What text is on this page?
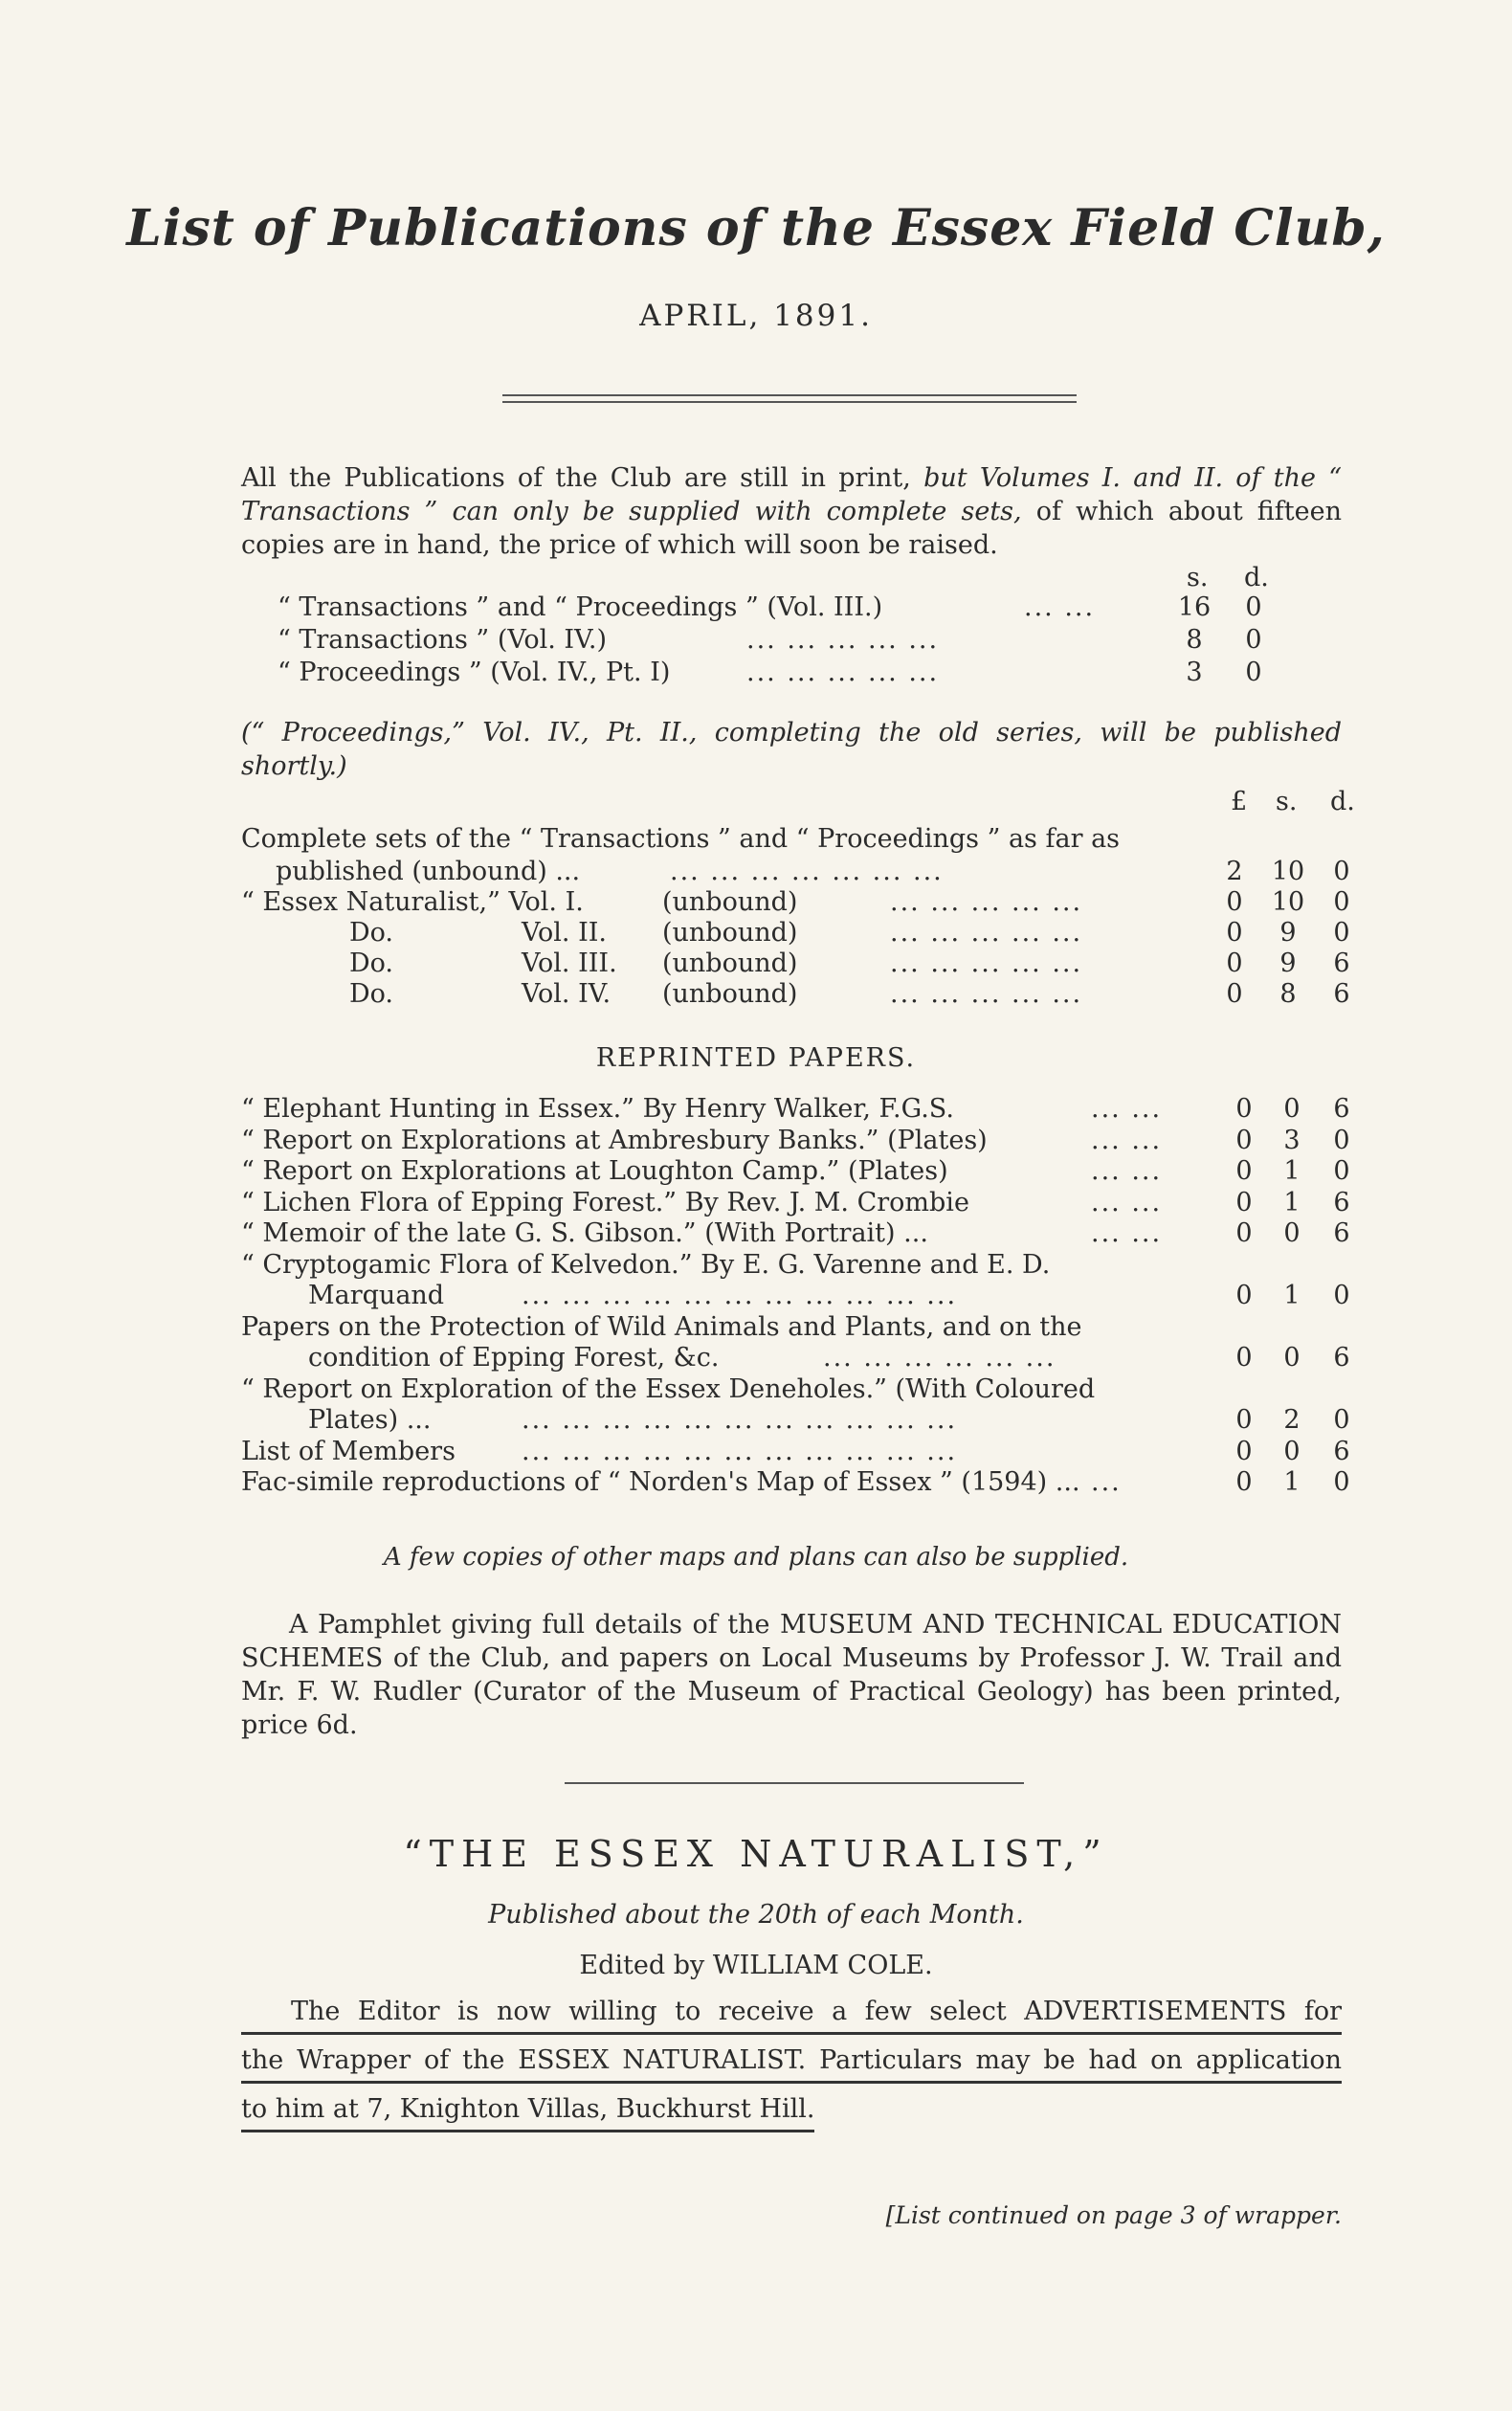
List of Publications of the Essex Field Club,
APRIL, 1891.
All the Publications of the Club are still in print, but Volumes I. and II. of the “ Transactions ” can only be supplied with complete sets, of which about fifteen copies are in hand, the price of which will soon be raised.
s. d.
“ Transactions ” and “ Proceedings ” (Vol. III.)	... ...	16	0
“ Transactions ” (Vol. IV.)	... ... ... ... ...	8	0
“ Proceedings ” (Vol. IV., Pt. I)	... ... ... ... ...	3	0
(“ Proceedings,” Vol. IV., Pt. II., completing the old series, will be published shortly.)
£ s. d.
Complete sets of the “ Transactions ” and “ Proceedings ” as far as
published (unbound) ...	... ... ... ... ... ... ...	2	10	0
“ Essex Naturalist,” Vol. I.	(unbound)	... ... ... ... ...	0	10	0
Do.	Vol. II. (unbound)	... ... ... ... ...	0	9	0
Do.	Vol. III. (unbound)	... ... ... ... ...	0	9	6
Do.	Vol. IV. (unbound)	... ... ... ... ...	0	8	6
REPRINTED PAPERS.
“ Elephant Hunting in Essex.” By Henry Walker, F.G.S.	... ...	0	0	6
“ Report on Explorations at Ambresbury Banks.” (Plates)	... ...	0	3	0
“ Report on Explorations at Loughton Camp.” (Plates)	... ...	0	1	0
“ Lichen Flora of Epping Forest.” By Rev. J. M. Crombie	... ...	0	1	6
“ Memoir of the late G. S. Gibson.” (With Portrait) ...	... ...	0	0	6
“ Cryptogamic Flora of Kelvedon.” By E. G. Varenne and E. D.
Marquand	... ... ... ... ... ... ... ... ... ... ...	0	1	0
Papers on the Protection of Wild Animals and Plants, and on the
condition of Epping Forest, &c.	... ... ... ... ... ...	0	0	6
“ Report on Exploration of the Essex Deneholes.” (With Coloured
Plates) ...	... ... ... ... ... ... ... ... ... ... ...	0	2	0
List of Members	... ... ... ... ... ... ... ... ... ... ...	0	0	6
Fac-simile reproductions of “ Norden's Map of Essex ” (1594) ... ...	0	1	0
A few copies of other maps and plans can also be supplied.
A Pamphlet giving full details of the MUSEUM AND TECHNICAL EDUCATION SCHEMES of the Club, and papers on Local Museums by Professor J. W. Trail and Mr. F. W. Rudler (Curator of the Museum of Practical Geology) has been printed, price 6d.
“THE ESSEX NATURALIST,”
Published about the 20th of each Month.
Edited by WILLIAM COLE.
The Editor is now willing to receive a few select ADVERTISEMENTS for
the Wrapper of the ESSEX NATURALIST. Particulars may be had on application
to him at 7, Knighton Villas, Buckhurst Hill.
[List continued on page 3 of wrapper.
